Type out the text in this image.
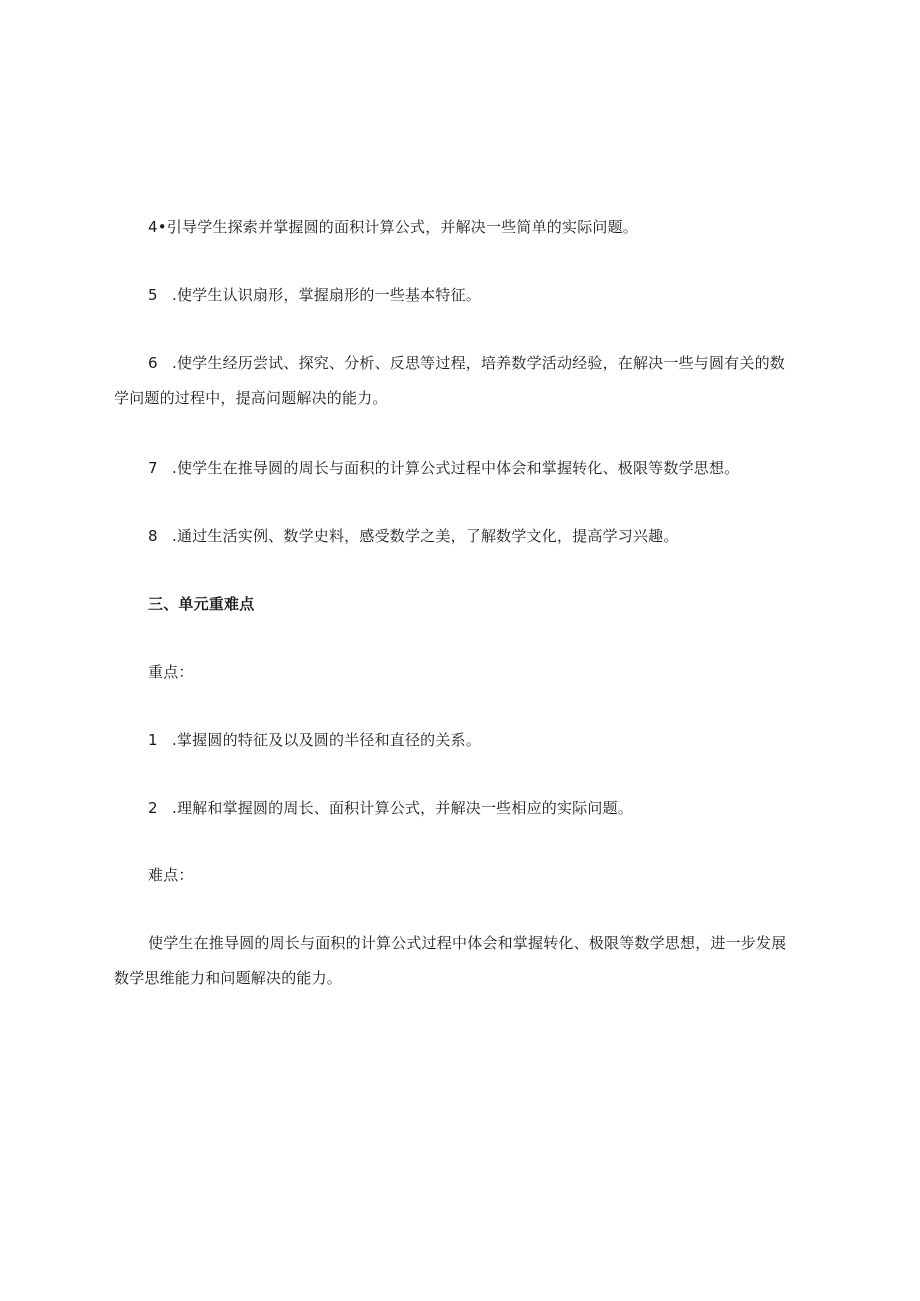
4•引导学生探索并掌握圆的面积计算公式，并解决一些简单的实际问题。
5 .使学生认识扇形，掌握扇形的一些基本特征。
6 .使学生经历尝试、探究、分析、反思等过程，培养数学活动经验，在解决一些与圆有关的数学问题的过程中，提高问题解决的能力。
7 .使学生在推导圆的周长与面积的计算公式过程中体会和掌握转化、极限等数学思想。
8 .通过生活实例、数学史料，感受数学之美，了解数学文化，提高学习兴趣。
三、单元重难点
重点：
1 .掌握圆的特征及以及圆的半径和直径的关系。
2 .理解和掌握圆的周长、面积计算公式，并解决一些相应的实际问题。
难点：
使学生在推导圆的周长与面积的计算公式过程中体会和掌握转化、极限等数学思想，进一步发展数学思维能力和问题解决的能力。
